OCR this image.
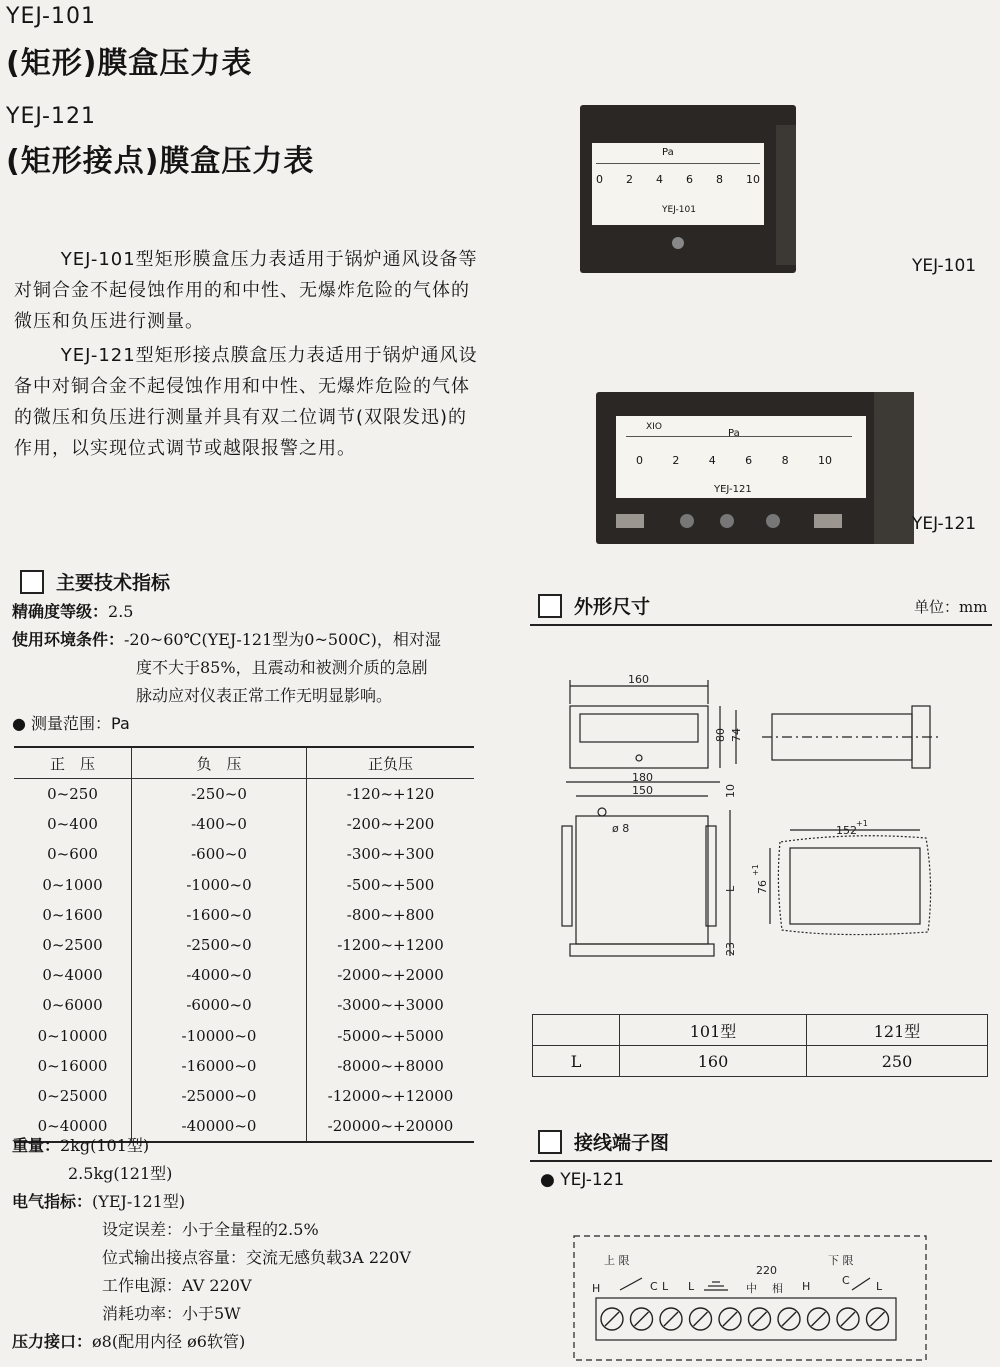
YEJ-101
(矩形)膜盒压力表
YEJ-121
(矩形接点)膜盒压力表
YEJ-101型矩形膜盒压力表适用于锅炉通风设备等对铜合金不起侵蚀作用的和中性、无爆炸危险的气体的微压和负压进行测量。
YEJ-121型矩形接点膜盒压力表适用于锅炉通风设备中对铜合金不起侵蚀作用和中性、无爆炸危险的气体的微压和负压进行测量并具有双二位调节(双限发迅)的作用，以实现位式调节或越限报警之用。
Pa
0 2 4 6 8 10
YEJ-101
YEJ-101
XIO
Pa
0	2	4	6	8	10
YEJ-121
YEJ-121
主要技术指标
精确度等级：2.5
使用环境条件：-20~60℃(YEJ-121型为0~500C)，相对湿
度不大于85%，且震动和被测介质的急剧
脉动应对仪表正常工作无明显影响。
● 测量范围：Pa
正　压	负　压	正负压
0~250	-250~0	-120~+120
0~400	-400~0	-200~+200
0~600	-600~0	-300~+300
0~1000	-1000~0	-500~+500
0~1600	-1600~0	-800~+800
0~2500	-2500~0	-1200~+1200
0~4000	-4000~0	-2000~+2000
0~6000	-6000~0	-3000~+3000
0~10000	-10000~0	-5000~+5000
0~16000	-16000~0	-8000~+8000
0~25000	-25000~0	-12000~+12000
0~40000	-40000~0	-20000~+20000
重量：2kg(101型)
2.5kg(121型)
电气指标：(YEJ-121型)
设定误差：小于全量程的2.5%
位式输出接点容量：交流无感负载3A 220V
工作电源：AV 220V
消耗功率：小于5W
压力接口：ø8(配用内径 ø6软管)
外形尺寸	单位：mm
160
80 74
180
150	10
ø 8
L
23
152
+1
76
+1
	101型	121型
L	160	250
接线端子图
● YEJ-121
上 限	下 限
220
H	C L L	中 相 H	C L
